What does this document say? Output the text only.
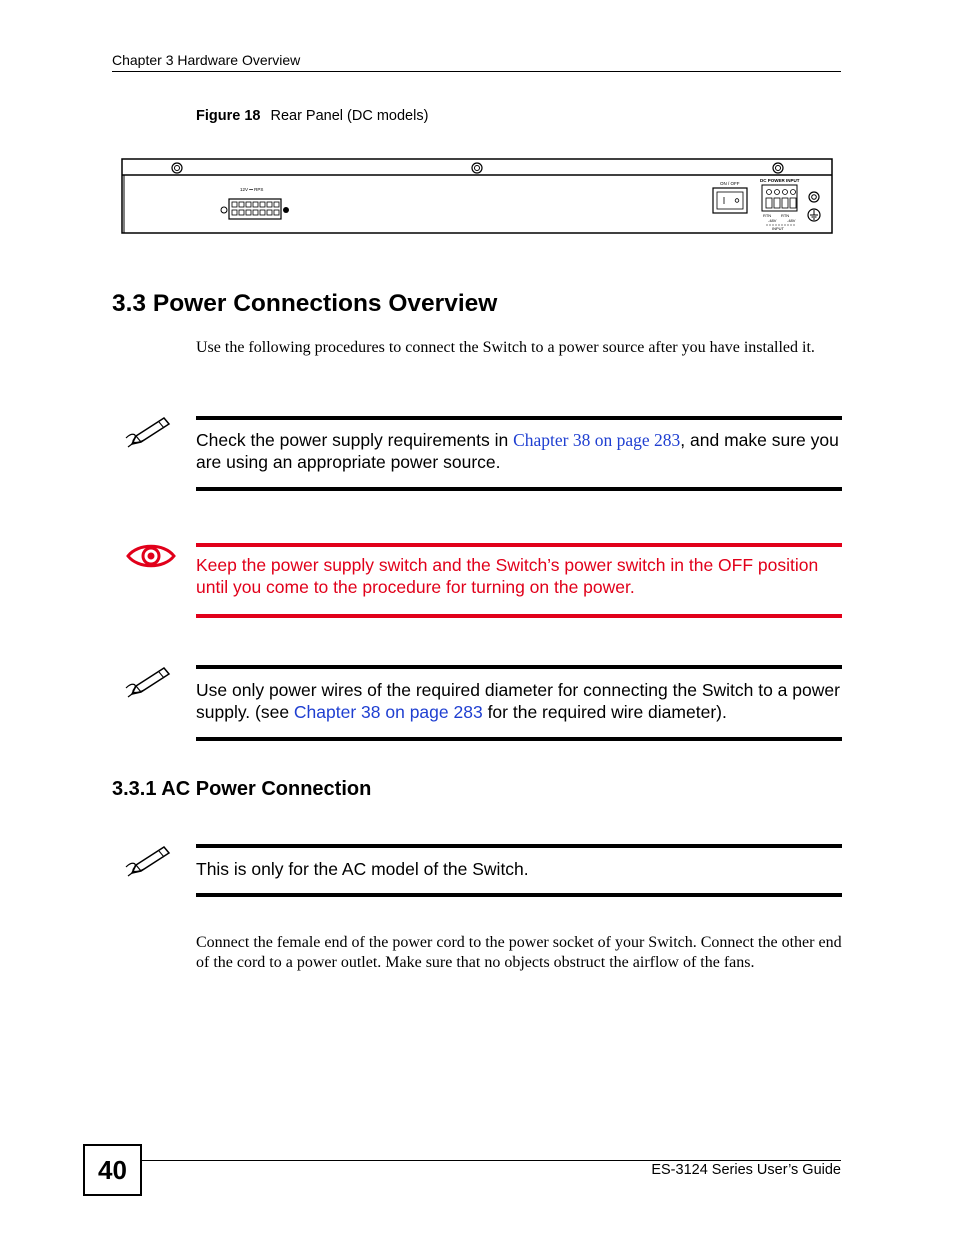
Chapter 3 Hardware Overview
Figure 18 Rear Panel (DC models)
12V ⎓ RPS
ON / OFF
DC POWER INPUT
RTN RTN
-48V	-48V
INPUT
3.3 Power Connections Overview
Use the following procedures to connect the Switch to a power source after you have installed it.
Check the power supply requirements in Chapter 38 on page 283, and make sure you are using an appropriate power source.
Keep the power supply switch and the Switch’s power switch in the OFF position until you come to the procedure for turning on the power.
Use only power wires of the required diameter for connecting the Switch to a power supply. (see Chapter 38 on page 283 for the required wire diameter).
3.3.1 AC Power Connection
This is only for the AC model of the Switch.
Connect the female end of the power cord to the power socket of your Switch. Connect the other end of the cord to a power outlet. Make sure that no objects obstruct the airflow of the fans.
40	ES-3124 Series User’s Guide
